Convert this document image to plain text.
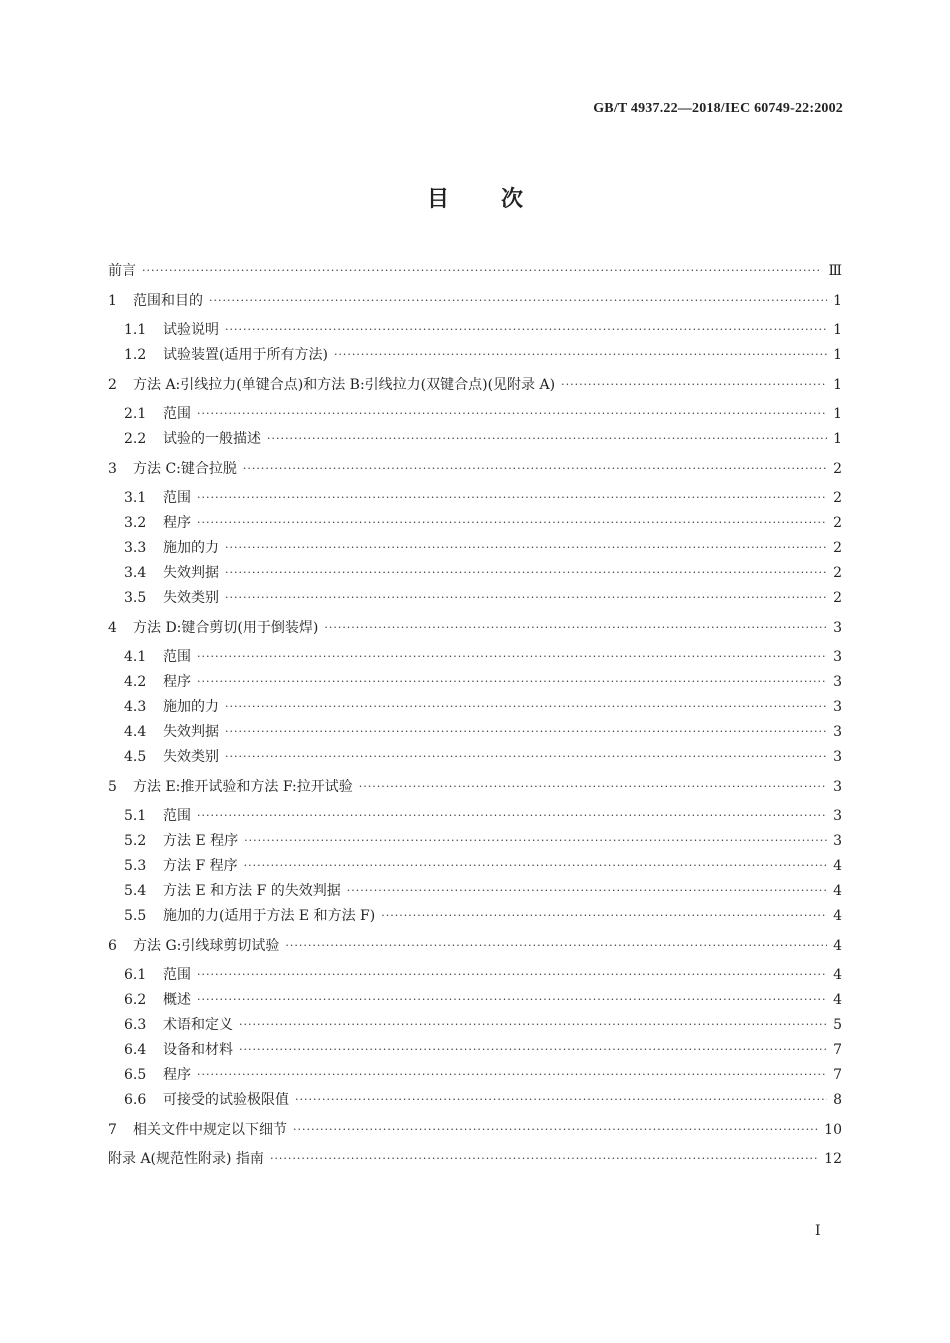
GB/T 4937.22—2018/IEC 60749-22:2002
目次
前言 ·····	Ⅲ
1	范围和目的 ·····	1
1.1	试验说明 ·····	1
1.2	试验装置(适用于所有方法) ·····	1
2	方法 A:引线拉力(单键合点)和方法 B:引线拉力(双键合点)(见附录 A) ·····	1
2.1	范围 ·····	1
2.2	试验的一般描述 ·····	1
3	方法 C:键合拉脱 ·····	2
3.1	范围 ·····	2
3.2	程序 ·····	2
3.3	施加的力 ·····	2
3.4	失效判据 ·····	2
3.5	失效类别 ·····	2
4	方法 D:键合剪切(用于倒装焊) ·····	3
4.1	范围 ·····	3
4.2	程序 ·····	3
4.3	施加的力 ·····	3
4.4	失效判据 ·····	3
4.5	失效类别 ·····	3
5	方法 E:推开试验和方法 F:拉开试验 ·····	3
5.1	范围 ·····	3
5.2	方法 E 程序 ·····	3
5.3	方法 F 程序 ·····	4
5.4	方法 E 和方法 F 的失效判据 ·····	4
5.5	施加的力(适用于方法 E 和方法 F) ·····	4
6	方法 G:引线球剪切试验 ·····	4
6.1	范围 ·····	4
6.2	概述 ·····	4
6.3	术语和定义 ·····	5
6.4	设备和材料 ·····	7
6.5	程序 ·····	7
6.6	可接受的试验极限值 ·····	8
7	相关文件中规定以下细节 ·····	10
附录 A(规范性附录) 指南 ·····	12
I
